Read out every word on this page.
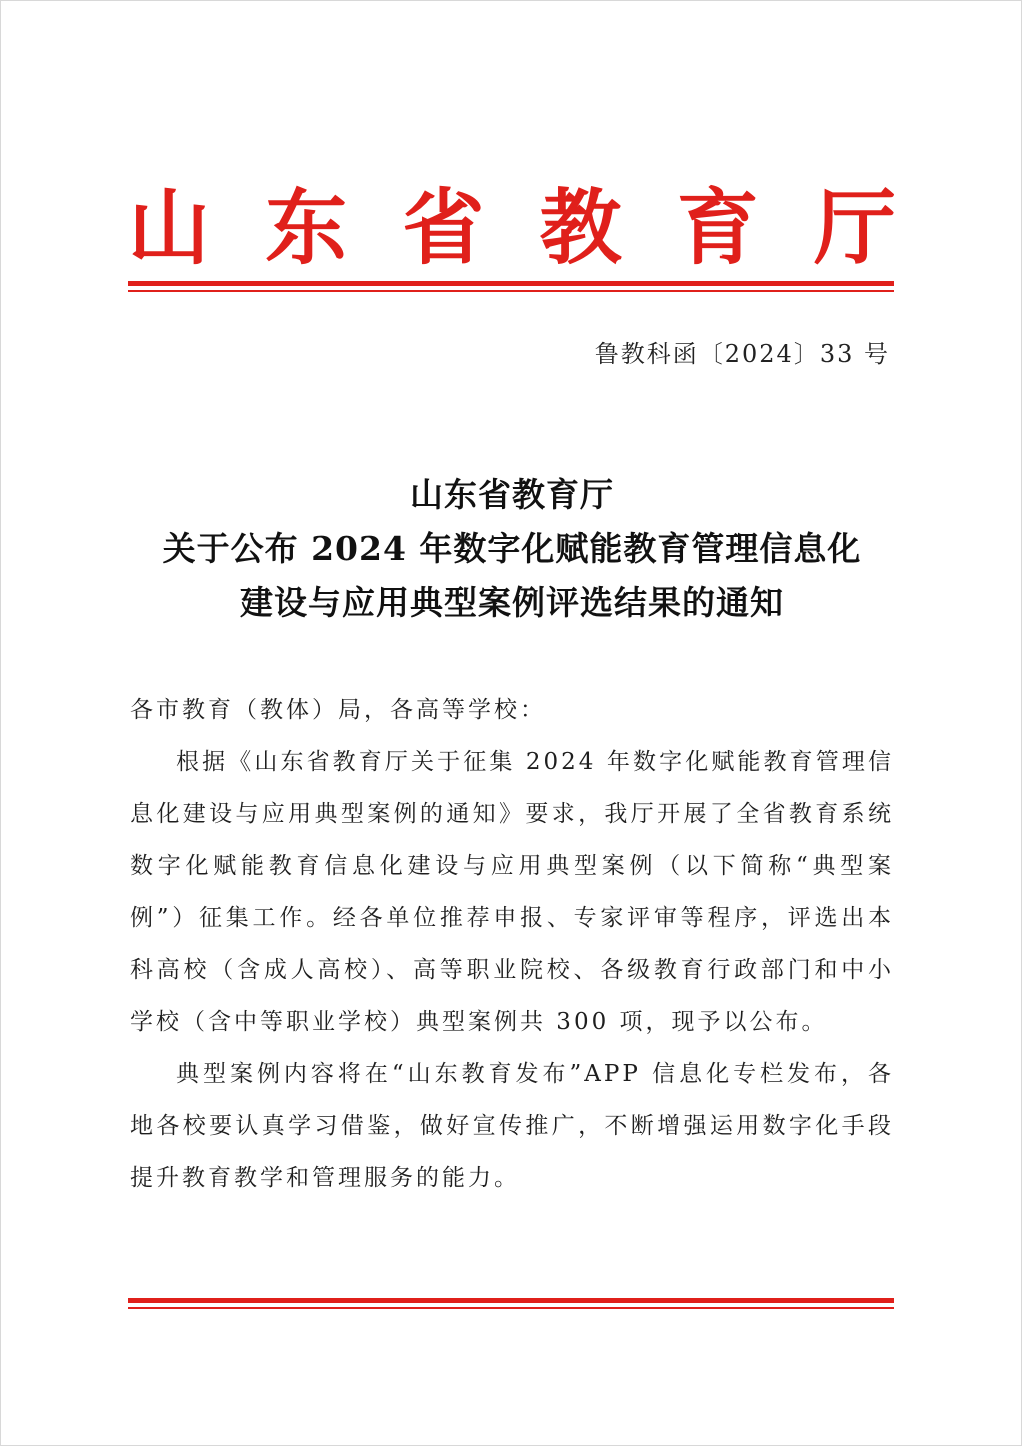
山 东 省 教 育 厅
鲁教科函〔2024〕33 号
山东省教育厅
关于公布 2024 年数字化赋能教育管理信息化
建设与应用典型案例评选结果的通知

各市教育（教体）局，各高等学校：

根据《山东省教育厅关于征集 2024 年数字化赋能教育管理信息化建设与应用典型案例的通知》要求，我厅开展了全省教育系统数字化赋能教育信息化建设与应用典型案例（以下简称“典型案例”）征集工作。经各单位推荐申报、专家评审等程序，评选出本科高校（含成人高校）、高等职业院校、各级教育行政部门和中小学校（含中等职业学校）典型案例共 300 项，现予以公布。

典型案例内容将在“山东教育发布”APP 信息化专栏发布，各地各校要认真学习借鉴，做好宣传推广，不断增强运用数字化手段提升教育教学和管理服务的能力。
